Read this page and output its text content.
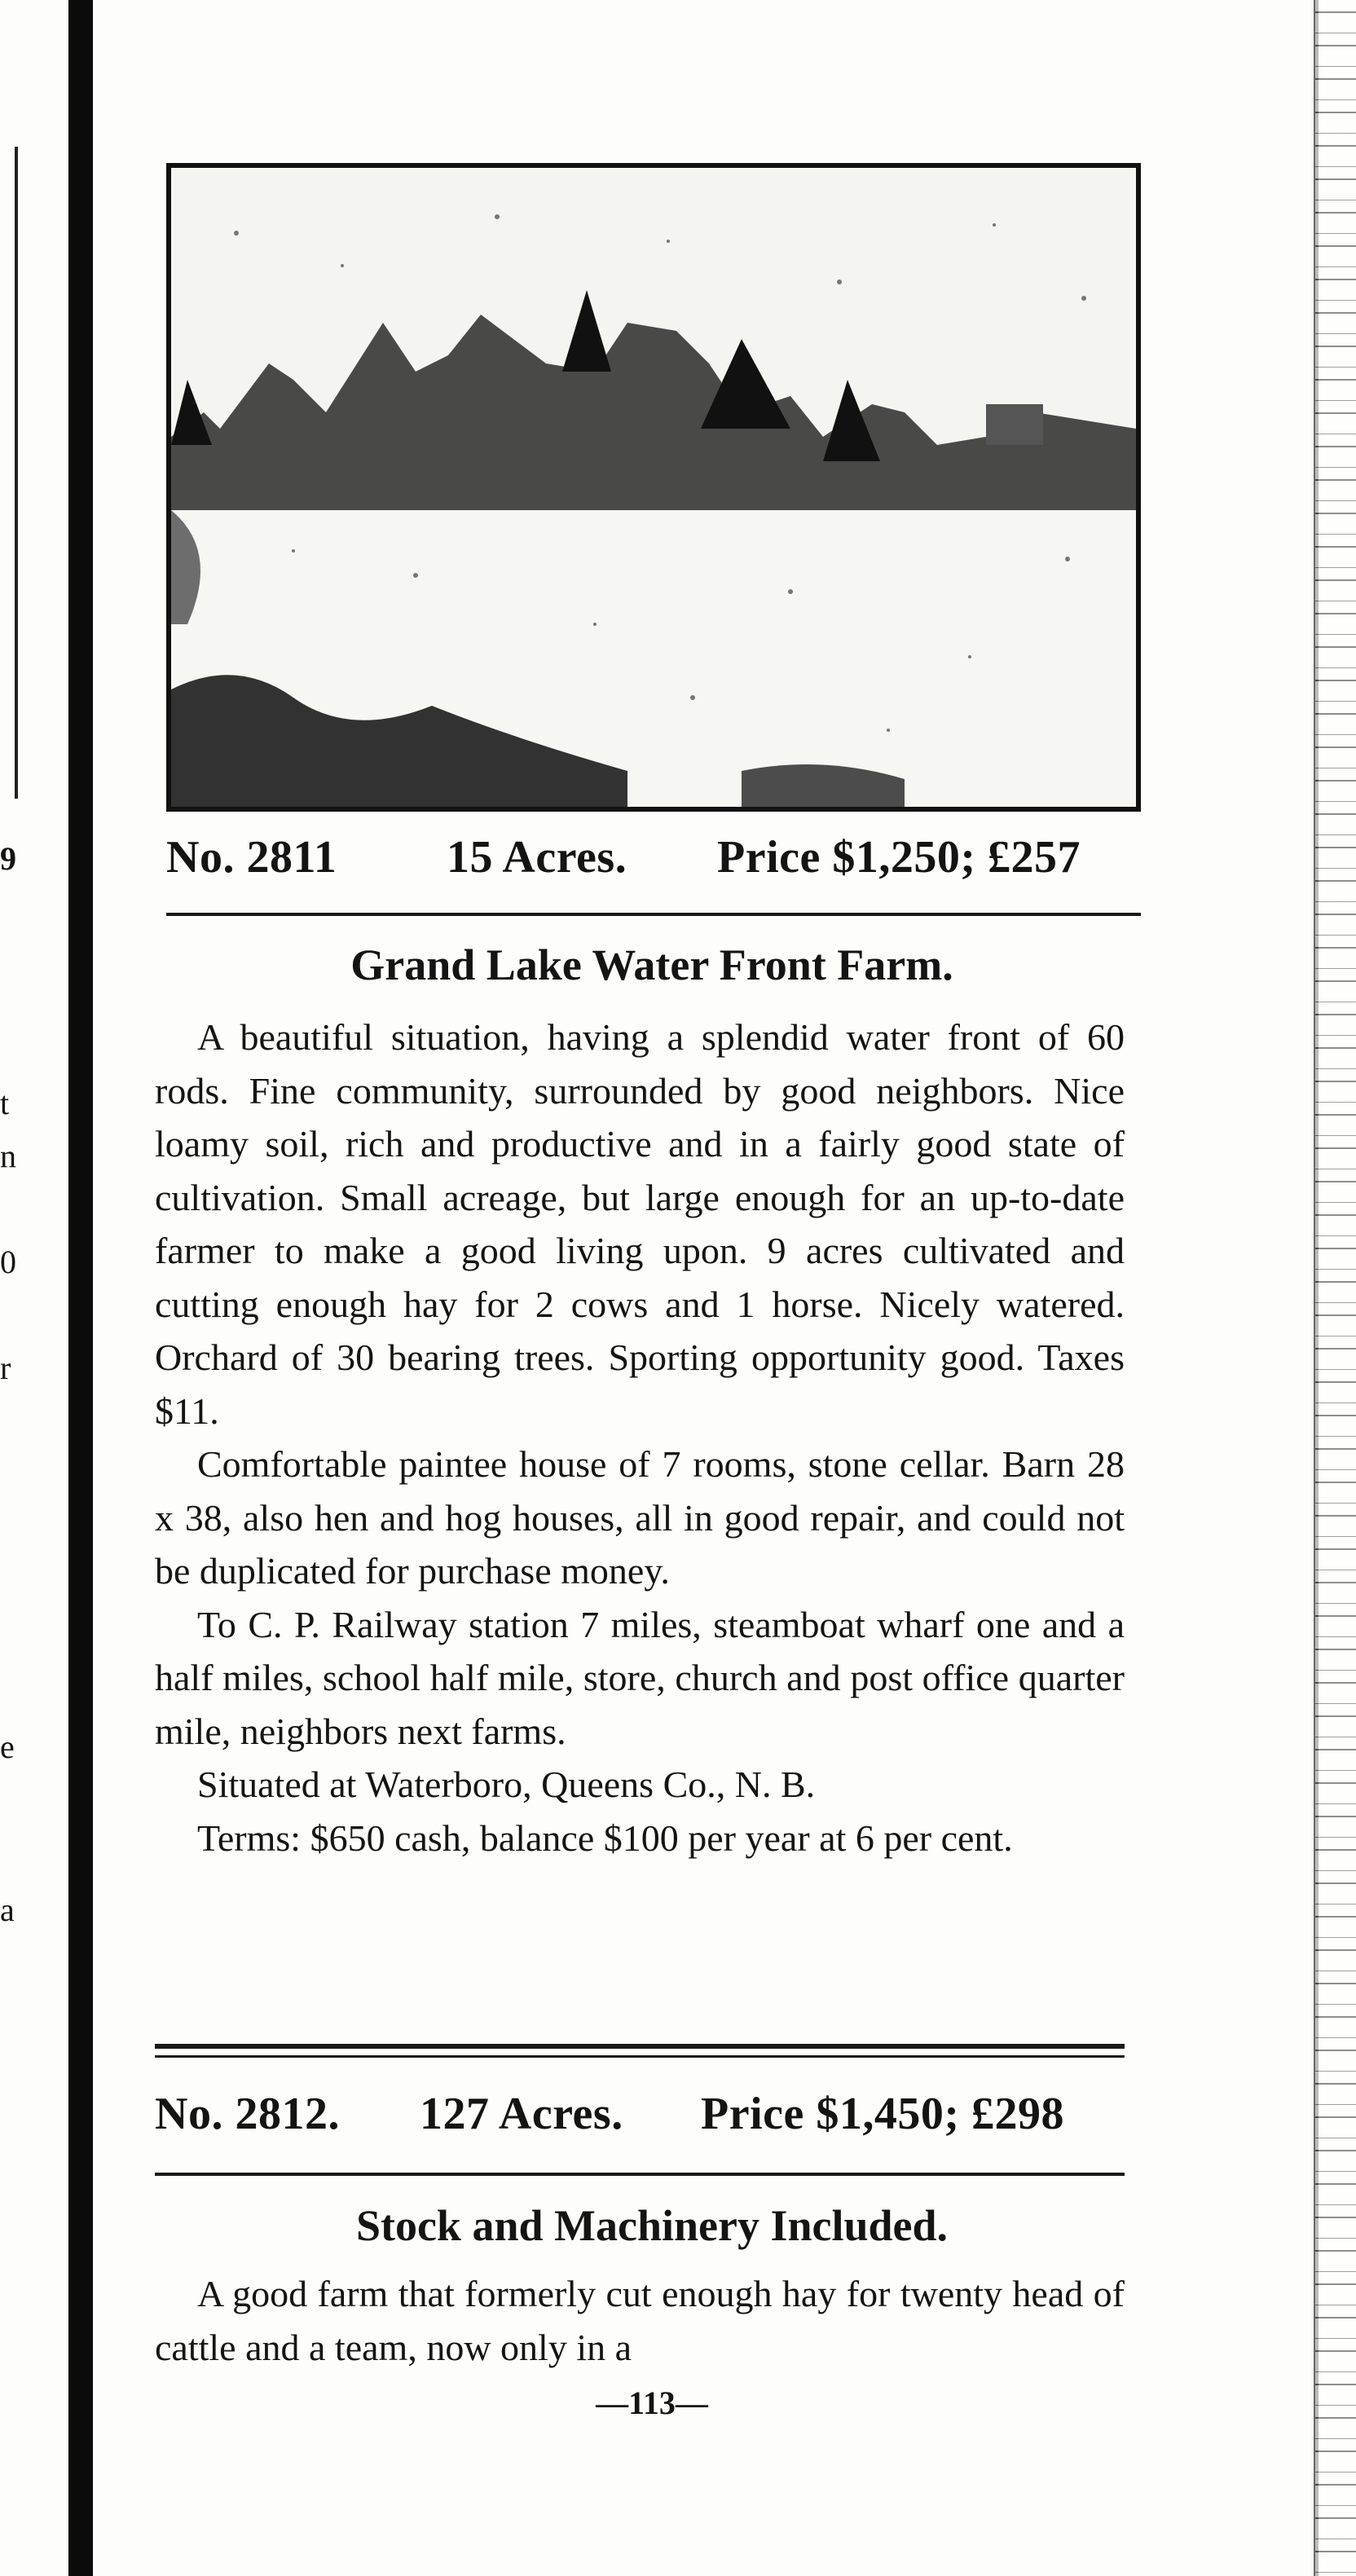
9
t
n
0
r
e
a
No. 2811 15 Acres. Price $1,250; £257
Grand Lake Water Front Farm.

A beautiful situation, having a splendid water front of 60 rods. Fine community, surrounded by good neighbors. Nice loamy soil, rich and productive and in a fairly good state of cultivation. Small acreage, but large enough for an up-to-date farmer to make a good living upon. 9 acres cultivated and cutting enough hay for 2 cows and 1 horse. Nicely watered. Orchard of 30 bearing trees. Sporting opportunity good. Taxes $11.

Comfortable paintee house of 7 rooms, stone cellar. Barn 28 x 38, also hen and hog houses, all in good repair, and could not be duplicated for purchase money.

To C. P. Railway station 7 miles, steamboat wharf one and a half miles, school half mile, store, church and post office quarter mile, neighbors next farms.

Situated at Waterboro, Queens Co., N. B.

Terms: $650 cash, balance $100 per year at 6 per cent.

No. 2812. 127 Acres. Price $1,450; £298
Stock and Machinery Included.

A good farm that formerly cut enough hay for twenty head of cattle and a team, now only in a

—113—
